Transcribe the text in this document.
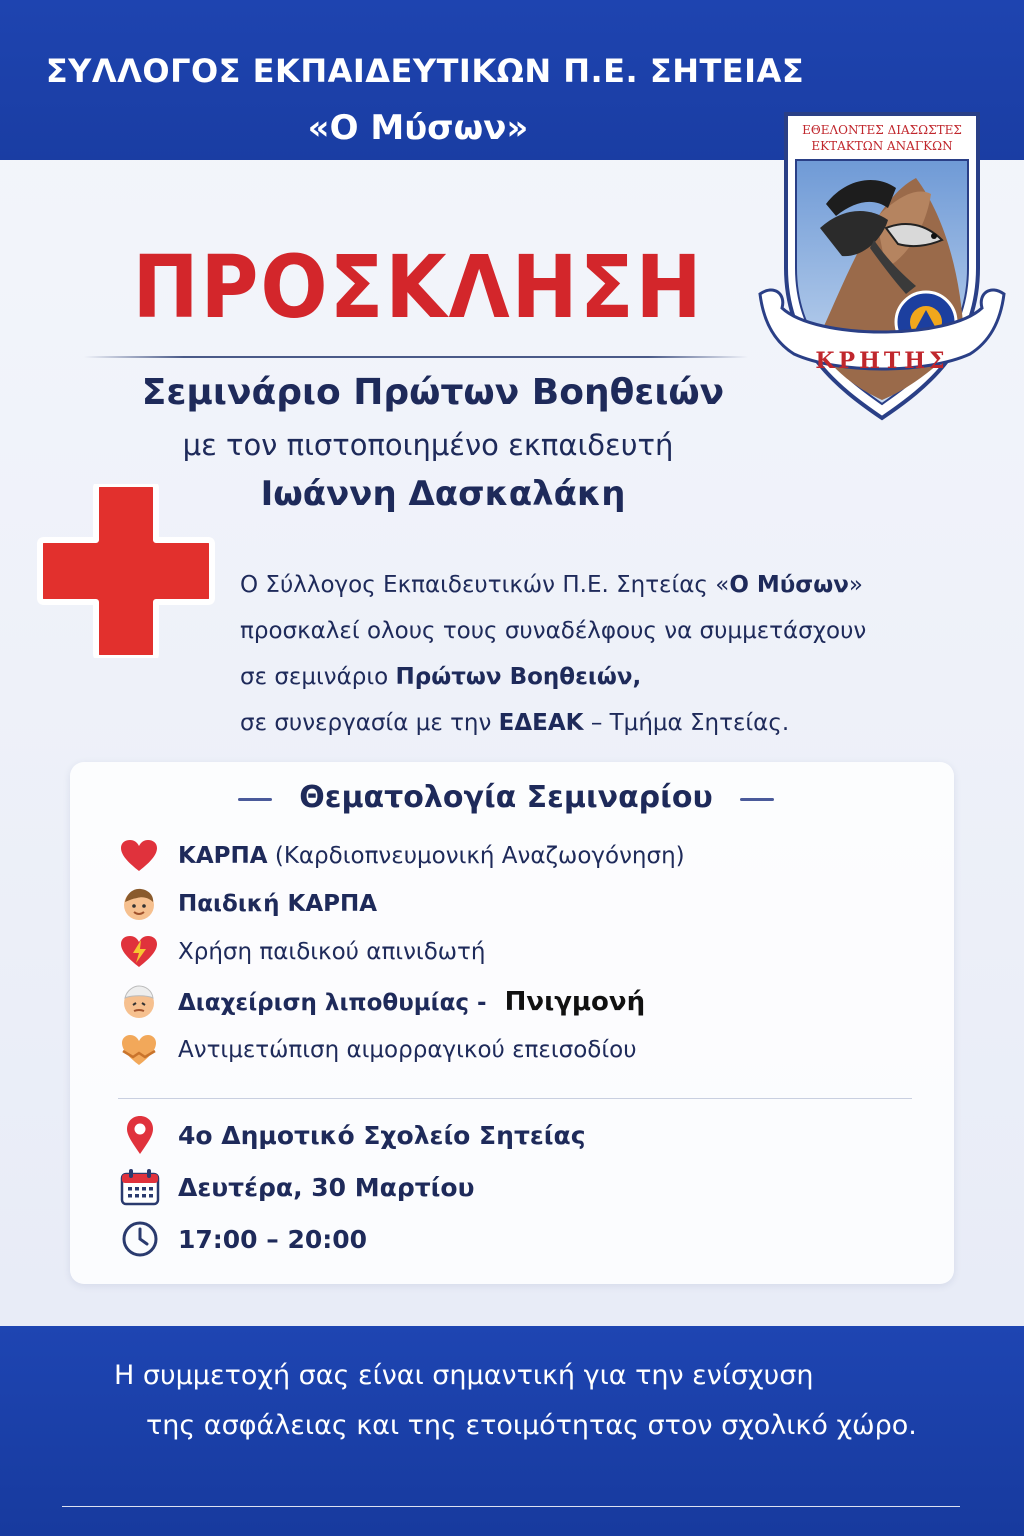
ΣΥΛΛΟΓΟΣ ΕΚΠΑΙΔΕΥΤΙΚΩΝ Π.Ε. ΣΗΤΕΙΑΣ
«Ο Μύσων»	ΕΘΕΛΟΝΤΕΣ ΔΙΑΣΩΣΤΕΣ
ΕΚΤΑΚΤΩΝ ΑΝΑΓΚΩΝ
ΚΡΗΤΗΣ
ΠΡΟΣΚΛΗΣΗ
Σεμινάριο Πρώτων Βοηθειών
με τον πιστοποιημένο εκπαιδευτή
Ιωάννη Δασκαλάκη
Ο Σύλλογος Εκπαιδευτικών Π.Ε. Σητείας «Ο Μύσων»
προσκαλεί ολους τους συναδέλφους να συμμετάσχουν
σε σεμινάριο Πρώτων Βοηθειών,
σε συνεργασία με την ΕΔΕΑΚ – Τμήμα Σητείας.
Θεματολογία Σεμιναρίου
ΚΑΡΠΑ (Καρδιοπνευμονική Αναζωογόνηση)
Παιδική ΚΑΡΠΑ
Χρήση παιδικού απινιδωτή
Διαχείριση λιποθυμίας - Πνιγμονή
Αντιμετώπιση αιμορραγικού επεισοδίου
4ο Δημοτικό Σχολείο Σητείας
Δευτέρα, 30 Μαρτίου
17:00 – 20:00
Η συμμετοχή σας είναι σημαντική για την ενίσχυση
της ασφάλειας και της ετοιμότητας στον σχολικό χώρο.
